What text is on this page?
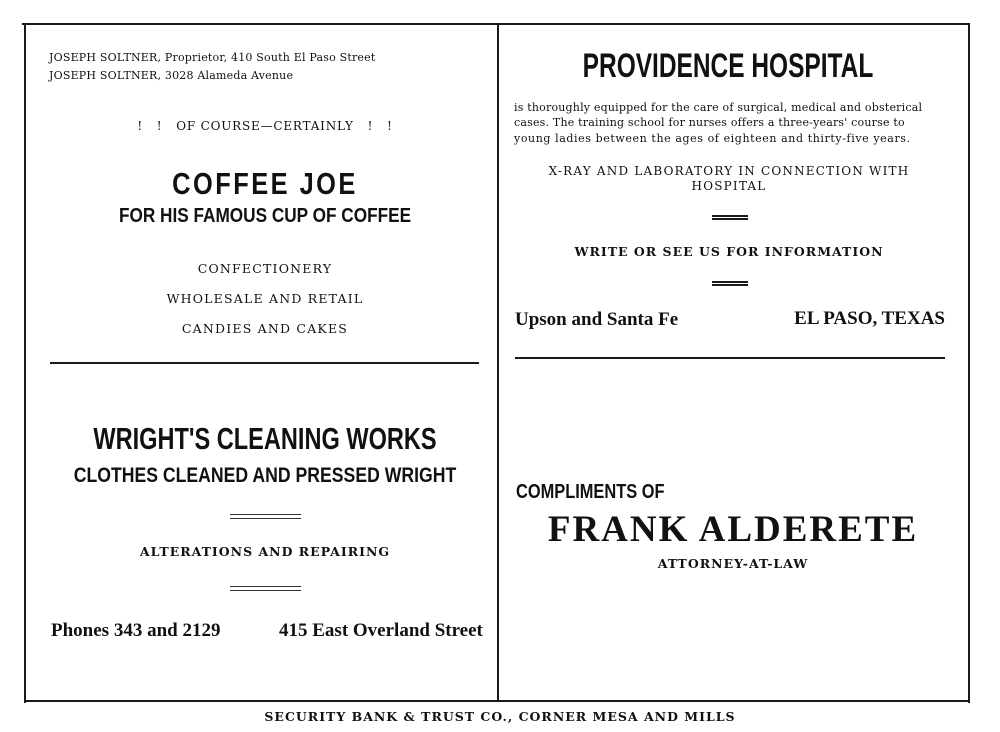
JOSEPH SOLTNER, Proprietor, 410 South El Paso Street
JOSEPH SOLTNER, 3028 Alameda Avenue
!   !   OF COURSE—CERTAINLY   !   !
COFFEE JOE
FOR HIS FAMOUS CUP OF COFFEE
CONFECTIONERY
WHOLESALE AND RETAIL
CANDIES AND CAKES
WRIGHT'S CLEANING WORKS
CLOTHES CLEANED AND PRESSED WRIGHT
ALTERATIONS AND REPAIRING
Phones 343 and 2129	415 East Overland Street
PROVIDENCE HOSPITAL
is thoroughly equipped for the care of surgical, medical and obsterical
cases. The training school for nurses offers a three-years' course to
young ladies between the ages of eighteen and thirty-five years.
X-RAY AND LABORATORY IN CONNECTION WITH
HOSPITAL
WRITE OR SEE US FOR INFORMATION
Upson and Santa Fe	EL PASO, TEXAS
COMPLIMENTS OF
FRANK ALDERETE
ATTORNEY-AT-LAW
SECURITY BANK & TRUST CO., CORNER MESA AND MILLS
